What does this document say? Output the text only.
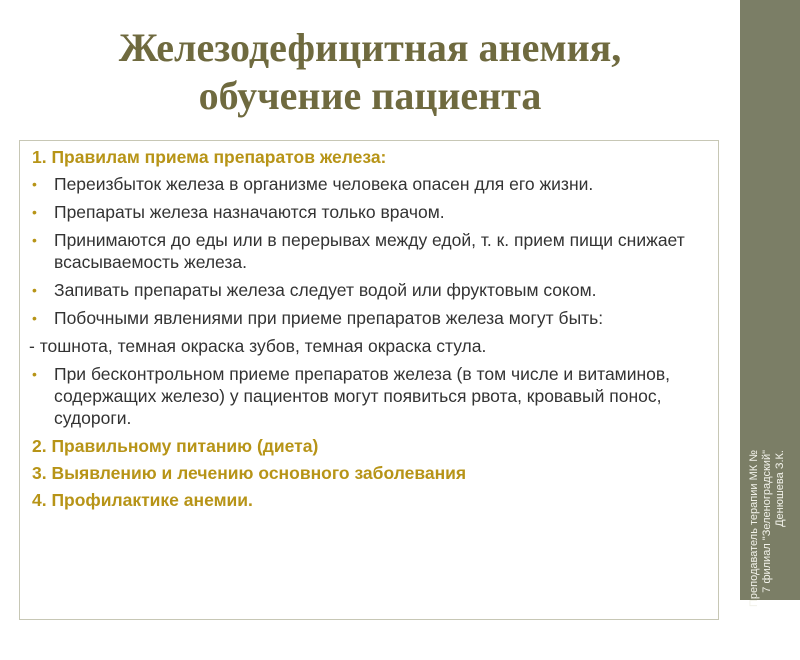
Железодефицитная анемия,
обучение пациента
1. Правилам приема препаратов железа:
• Переизбыток железа в организме человека опасен для его жизни.
• Препараты железа назначаются только врачом.
• Принимаются до еды или в перерывах между едой, т. к. прием пищи снижает всасываемость железа.
• Запивать препараты железа следует водой или фруктовым соком.
• Побочными явлениями при приеме препаратов железа могут быть:
- тошнота, темная окраска зубов, темная окраска стула.
• При бесконтрольном приеме препаратов железа (в том числе и витаминов, содержащих железо) у пациентов могут появиться рвота, кровавый понос, судороги.
2. Правильному питанию (диета)
3. Выявлению и лечению основного заболевания
4. Профилактике анемии.	Преподаватель терапии МК № 7 филиал "Зеленоградский" Денюшева З.К.
